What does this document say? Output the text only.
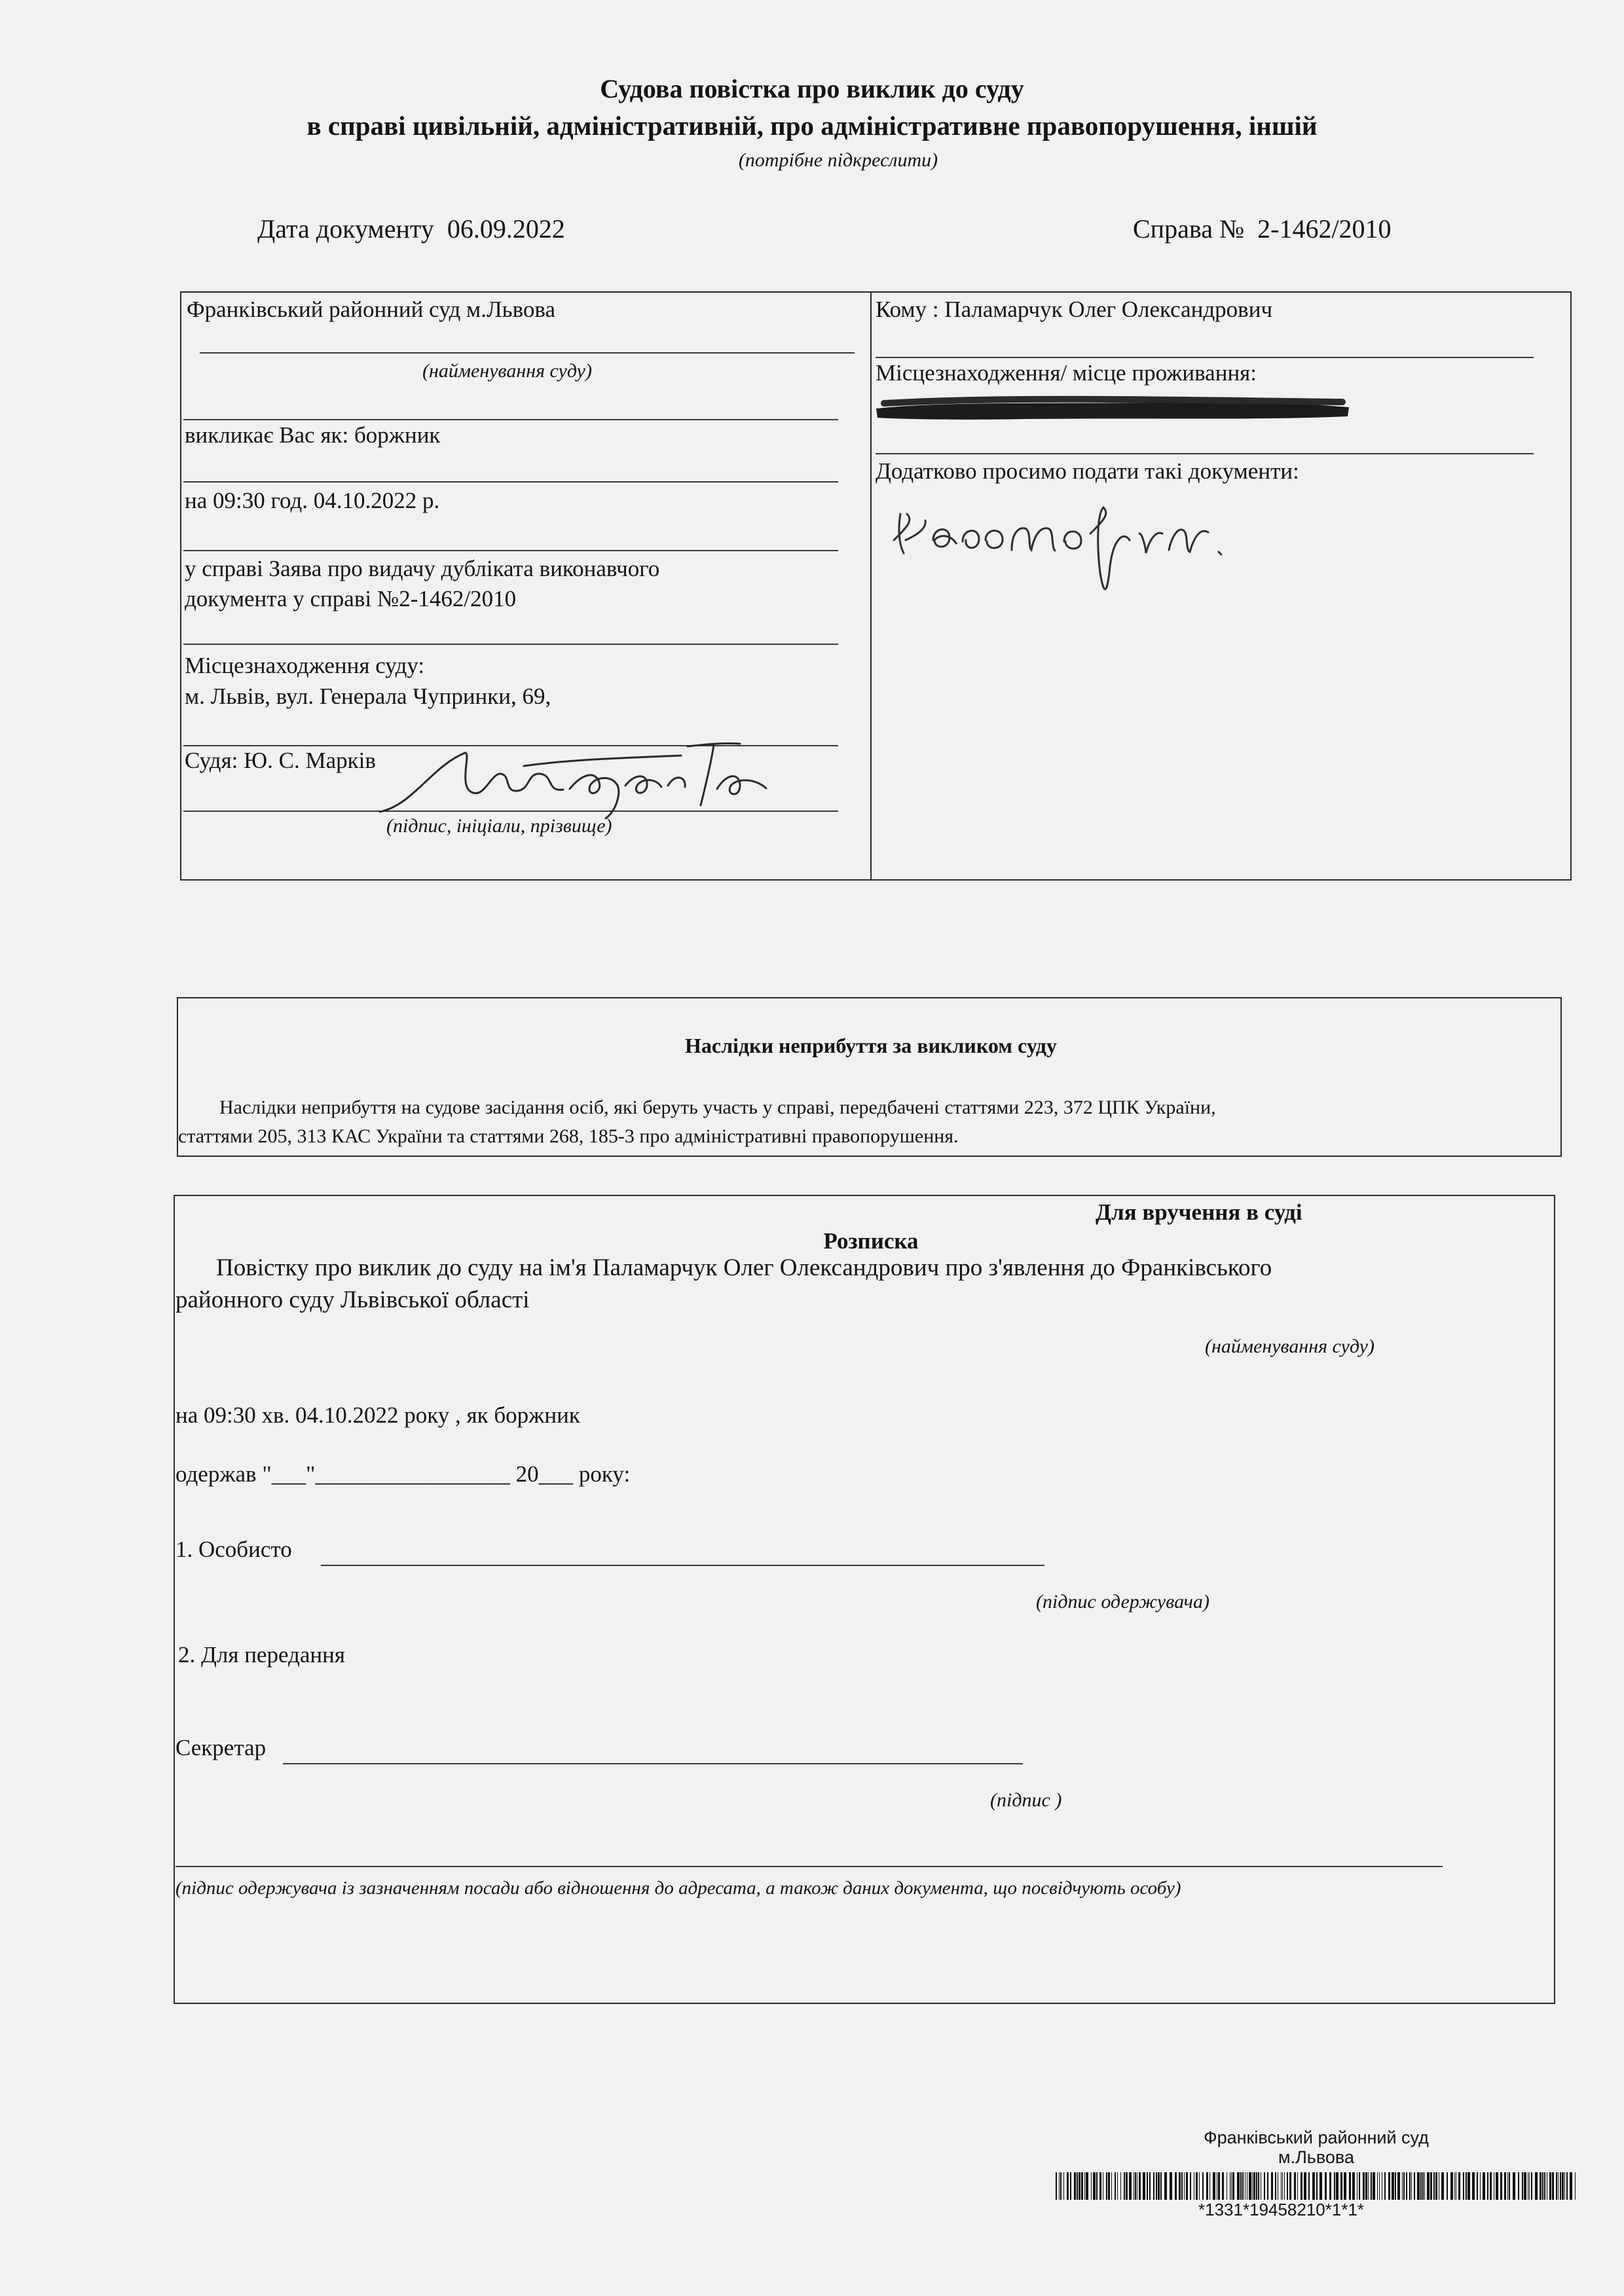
Судова повістка про виклик до суду
в справі цивільній, адміністративній, про адміністративне правопорушення, іншій
(потрібне підкреслити)
Дата документу 06.09.2022	Справа № 2-1462/2010
Франківський районний суд м.Львова
(найменування суду)
викликає Вас як: боржник
на 09:30 год. 04.10.2022 р.
у справі Заява про видачу дубліката виконавчого
документа у справі №2-1462/2010
Місцезнаходження суду:
м. Львів, вул. Генерала Чупринки, 69,
Судя: Ю. С. Марків
(підпис, ініціали, прізвище)
Кому : Паламарчук Олег Олександрович
Місцезнаходження/ місце проживання:
Додатково просимо подати такі документи:
Наслідки неприбуття за викликом суду
Наслідки неприбуття на судове засідання осіб, які беруть участь у справі, передбачені статтями 223, 372 ЦПК України,
статтями 205, 313 КАС України та статтями 268, 185-3 про адміністративні правопорушення.
Для вручення в суді
Розписка
Повістку про виклик до суду на ім'я Паламарчук Олег Олександрович про з'явлення до Франківського
районного суду Львівської області
(найменування суду)
на 09:30 хв. 04.10.2022 року , як боржник
одержав "___"_________________ 20___ року:
1. Особисто
(підпис одержувача)
2. Для передання
Секретар
(підпис )
(підпис одержувача із зазначенням посади або відношення до адресата, а також даних документа, що посвідчують особу)
Франківський районний суд
м.Львова
*1331*19458210*1*1*
